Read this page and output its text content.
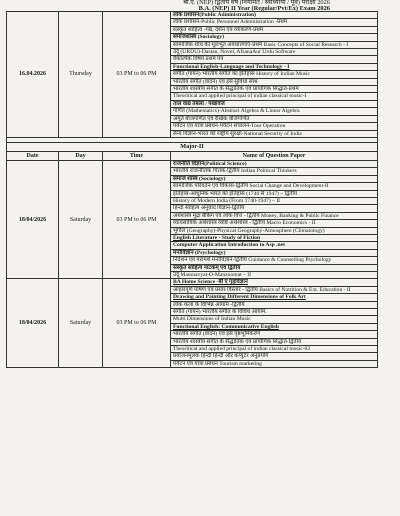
बी.ए. (NEP) द्वितीय वर्ष (नियमित / स्वाध्यायी / पूर्व) परीक्षा 2026
B.A. (NEP) II Year (Regular/Pvt/Ex) Exam 2026
16.04.2026	Thursday	03 PM to 06 PM	लोक प्रशासन(Public Administration)
			लोक प्रशासन-Public Personnel Administration -प्रथम
			संस्कृत साहित्य -गद्य, दर्शन एवं व्याकरण-प्रथम
			समाजशास्त्र (Sociology)
			सामाजिक शोध की मूलभूत अवधारणाएँ-प्रथम Basic Concepts of Social Research - I
			उर्दू (URDU)-Dastan, Novel, AfsanaAur Urdu Software
			वैकल्पिक विषय प्रथम पत्र
			Functional English-Language and Technology - I
			संगीत (गायन) भारतीय संगीत का इतिहास History of Indian Music
			भारतीय संगीत (वादन) एवं इसे सुविधा साथ
			भारतीय शास्त्रीय संगीत के सैद्धांतिक एवं प्रायोगिक सिद्धांत-प्रथम
			Theoritical and applied principal of indian classical music-I
			ताल वाद्य तबला / पखावज
			गणित (Mathematics)-Abstract Algebra & Linear Algebra
			अमूर्त बीजगणित एवं रैखिक बीजगणित
			पर्यटन एवं यात्रा प्रबंधन-पर्यटन संचालन-Tour Operation
			सैन्य विज्ञान-भारत की राष्ट्रीय सुरक्षा-National Security of India

Major-II			
Date	Day	Time	Name of Question Paper
18/04/2026	Saturday	03 PM to 06 PM	राजनीति विज्ञान(Political Science)
			भारतीय राजनीतिक चिंतक-द्वितीय Indian Political Thinkers
			समाज शास्त्र (Sociology)
			सामाजिक परिवर्तन एवं विकास-द्वितीय Social Change and Development-II
			इतिहास-आधुनिक भारत का इतिहास (1740 से 1947) – द्वितीय
			History of Modern India (From 1740-1947) – II
			हिन्दी साहित्य अनुवाद विज्ञान-द्वितीय
			अर्थशास्त्र मुद्रा बैंकिंग एवं लोक वित्त - द्वितीय Money, Banking & Public Finance
			व्यावसायिक अर्थशास्त्र व्यष्टि अर्थशास्त्र - द्वितीय Macro Economics - II
			भूगोल (Geography)-Physical Geography-Atmosphere (Climatology)
			English Literature - Study of Fiction
			Computer Application Introduction to Asp .net
			मनोविज्ञान (Psychology)
			निर्देशन एवं परामर्श मनोविज्ञान-द्वितीय Guidance & Counselling Psychology
			संस्कृत साहित्य नाटकम् एवं द्वितीय
			उर्दू Massnavyat-O-Manzoomat – II
18/04/2026	Saturday	03 PM to 06 PM	BA Home Science -बी ए गृहविज्ञान
			आहारपूर्ण पोषण एवं प्रसार विस्तार - द्वितीय Basics of Nutrition & Ext. Education - II
			Drawing and Painting Different Dimensions of Folk Art
			लोक कला के विभिन्न आयाम -द्वितीय
			संगीत (गायन) भारतीय संगीत के विविध आयाम.
			Multi Dimensions of Indian Music
			Functional English: Communicative English
			भारतीय संगीत (वादन) एवं इसे पृष्ठभूमिकरण
			भारतीय शास्त्रीय संगीत के सैद्धांतिक एवं प्रायोगिक सिद्धांत-द्वितीय
			Theoritical and applied principal of indian classical music-02
			प्रयोजनमूलक हिन्दी हिन्दी और कंप्यूटर अनुप्रयोग
			पर्यटन एवं यात्रा प्रबंधन Tourism marketing
